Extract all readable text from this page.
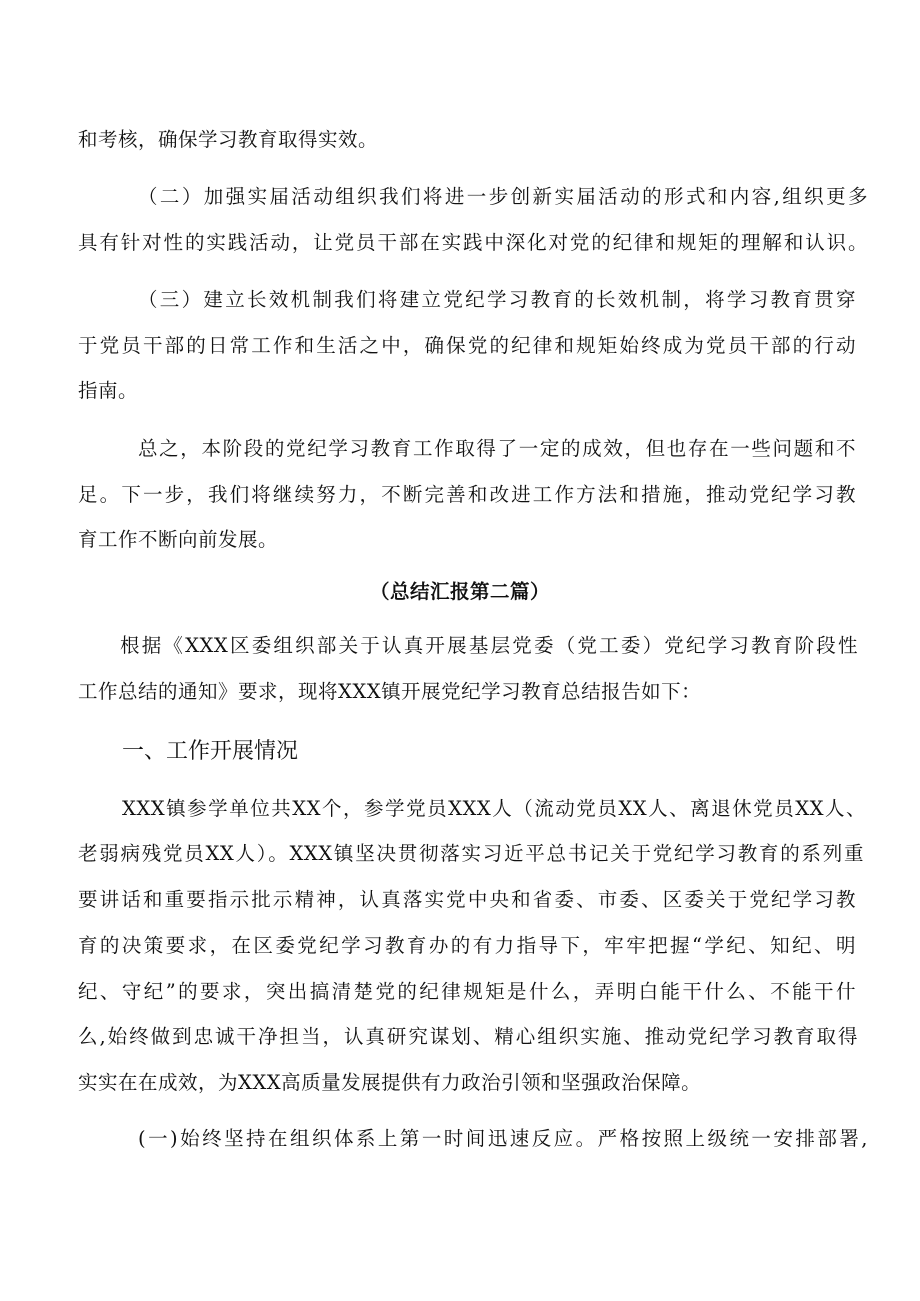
和考核，确保学习教育取得实效。
（二）加强实届活动组织我们将进一步创新实届活动的形式和内容,组织更多
具有针对性的实践活动，让党员干部在实践中深化对党的纪律和规矩的理解和认识。
（三）建立长效机制我们将建立党纪学习教育的长效机制，将学习教育贯穿
于党员干部的日常工作和生活之中，确保党的纪律和规矩始终成为党员干部的行动
指南。
总之，本阶段的党纪学习教育工作取得了一定的成效，但也存在一些问题和不
足。下一步，我们将继续努力，不断完善和改进工作方法和措施，推动党纪学习教
育工作不断向前发展。
（总结汇报第二篇）
根据《XXX区委组织部关于认真开展基层党委（党工委）党纪学习教育阶段性
工作总结的通知》要求，现将XXX镇开展党纪学习教育总结报告如下：
一、工作开展情况
XXX镇参学单位共XX个，参学党员XXX人（流动党员XX人、离退休党员XX人、
老弱病残党员XX人）。XXX镇坚决贯彻落实习近平总书记关于党纪学习教育的系列重
要讲话和重要指示批示精神，认真落实党中央和省委、市委、区委关于党纪学习教
育的决策要求，在区委党纪学习教育办的有力指导下，牢牢把握“学纪、知纪、明
纪、守纪”的要求，突出搞清楚党的纪律规矩是什么，弄明白能干什么、不能干什
么,始终做到忠诚干净担当，认真研究谋划、精心组织实施、推动党纪学习教育取得
实实在在成效，为XXX高质量发展提供有力政治引领和坚强政治保障。
(一)始终坚持在组织体系上第一时间迅速反应。严格按照上级统一安排部署,
